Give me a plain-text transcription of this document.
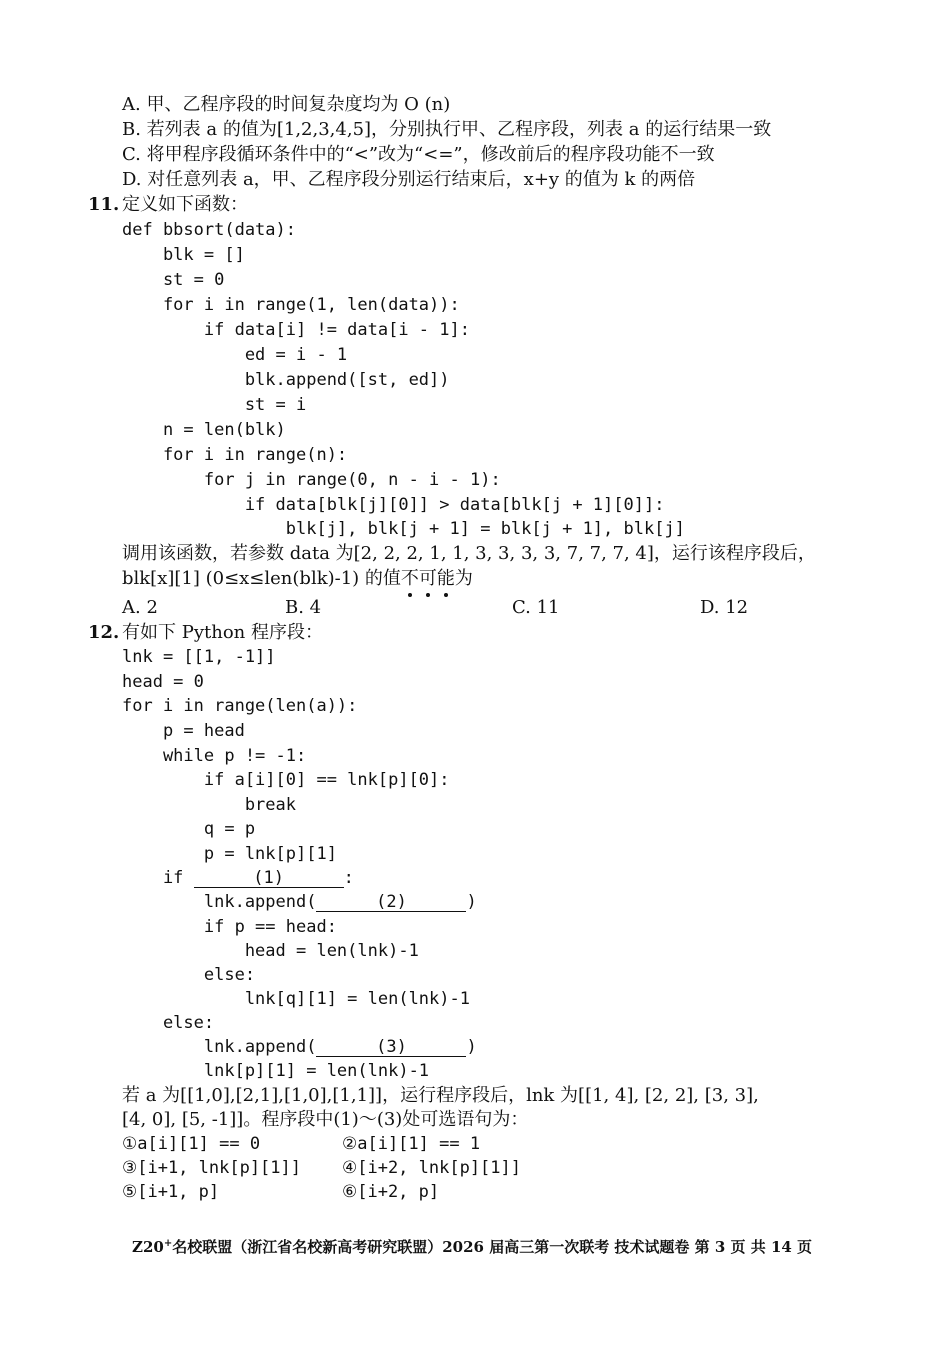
A. 甲、乙程序段的时间复杂度均为 O (n)
B. 若列表 a 的值为[1,2,3,4,5]，分别执行甲、乙程序段，列表 a 的运行结果一致
C. 将甲程序段循环条件中的“<”改为“<=”，修改前后的程序段功能不一致
D. 对任意列表 a，甲、乙程序段分别运行结束后，x+y 的值为 k 的两倍
11. 定义如下函数：
def bbsort(data):
blk = []
st = 0
for i in range(1, len(data)):
if data[i] != data[i - 1]:
ed = i - 1
blk.append([st, ed])
st = i
n = len(blk)
for i in range(n):
for j in range(0, n - i - 1):
if data[blk[j][0]] > data[blk[j + 1][0]]:
blk[j], blk[j + 1] = blk[j + 1], blk[j]
调用该函数，若参数 data 为[2, 2, 2, 1, 1, 3, 3, 3, 3, 7, 7, 7, 4]，运行该程序段后，
blk[x][1] (0≤x≤len(blk)-1) 的值不
可
能
为
A. 2	B. 4	C. 11	D. 12
12. 有如下 Python 程序段：
lnk = [[1, -1]]
head = 0
for i in range(len(a)):
p = head
while p != -1:
if a[i][0] == lnk[p][0]:
break
q = p
p = lnk[p][1]
if	(1)	:
lnk.append(	(2)	)
if p == head:
head = len(lnk)-1
else:
lnk[q][1] = len(lnk)-1
else:
lnk.append(	(3)	)
lnk[p][1] = len(lnk)-1
若 a 为[[1,0],[2,1],[1,0],[1,1]]，运行程序段后，lnk 为[[1, 4], [2, 2], [3, 3],
[4, 0], [5, -1]]。程序段中(1)～(3)处可选语句为：
①a[i][1] == 0	②a[i][1] == 1
③[i+1, lnk[p][1]] ④[i+2, lnk[p][1]]
⑤[i+1, p]	⑥[i+2, p]
Z20+名校联盟（浙江省名校新高考研究联盟）2026 届高三第一次联考 技术试题卷 第 3 页 共 14 页
